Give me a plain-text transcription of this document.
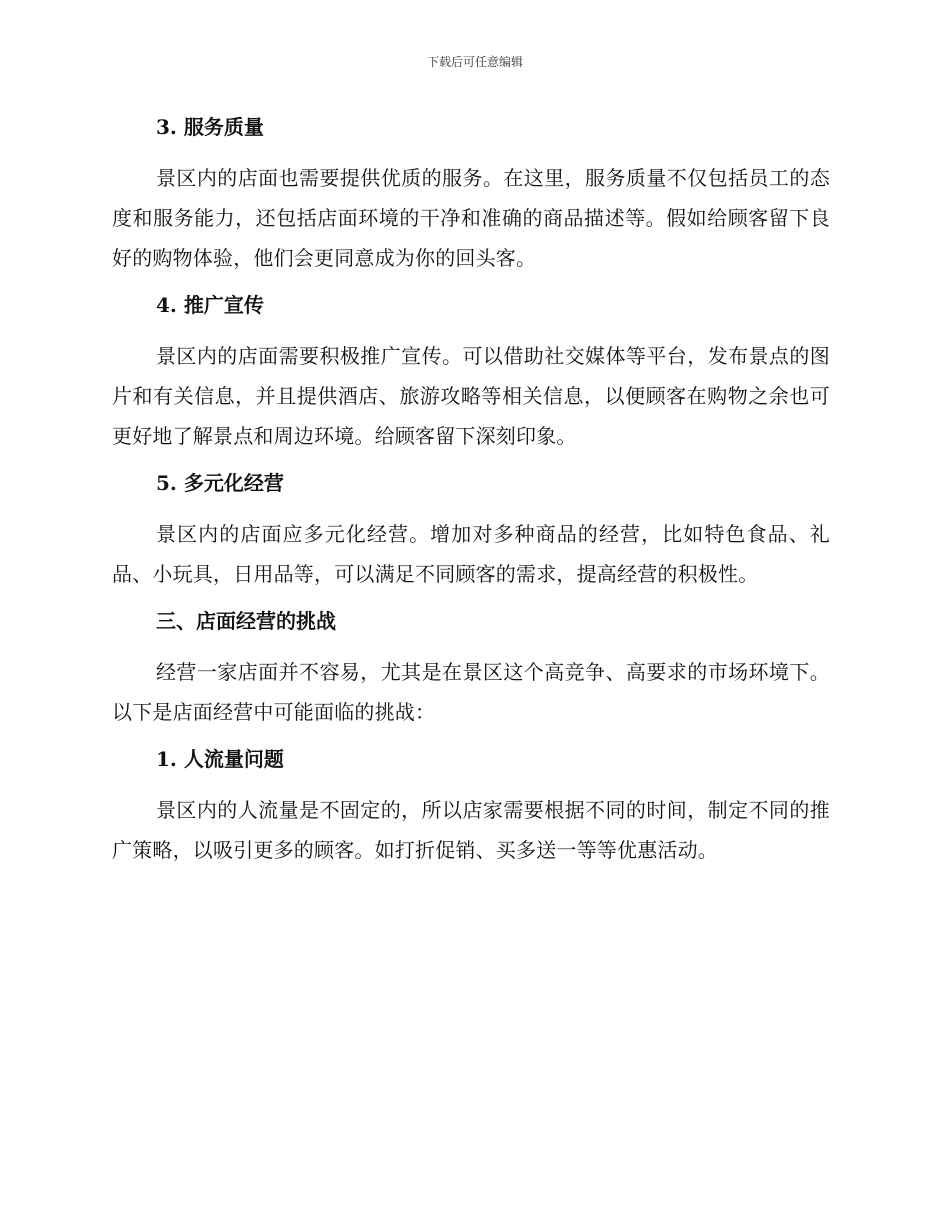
下载后可任意编辑
3. 服务质量

景区内的店面也需要提供优质的服务。在这里，服务质量不仅包括员工的态度和服务能力，还包括店面环境的干净和准确的商品描述等。假如给顾客留下良好的购物体验，他们会更同意成为你的回头客。

4. 推广宣传

景区内的店面需要积极推广宣传。可以借助社交媒体等平台，发布景点的图片和有关信息，并且提供酒店、旅游攻略等相关信息，以便顾客在购物之余也可更好地了解景点和周边环境。给顾客留下深刻印象。

5. 多元化经营

景区内的店面应多元化经营。增加对多种商品的经营，比如特色食品、礼品、小玩具，日用品等，可以满足不同顾客的需求，提高经营的积极性。

三、店面经营的挑战

经营一家店面并不容易，尤其是在景区这个高竞争、高要求的市场环境下。以下是店面经营中可能面临的挑战：

1. 人流量问题

景区内的人流量是不固定的，所以店家需要根据不同的时间，制定不同的推广策略，以吸引更多的顾客。如打折促销、买多送一等等优惠活动。
